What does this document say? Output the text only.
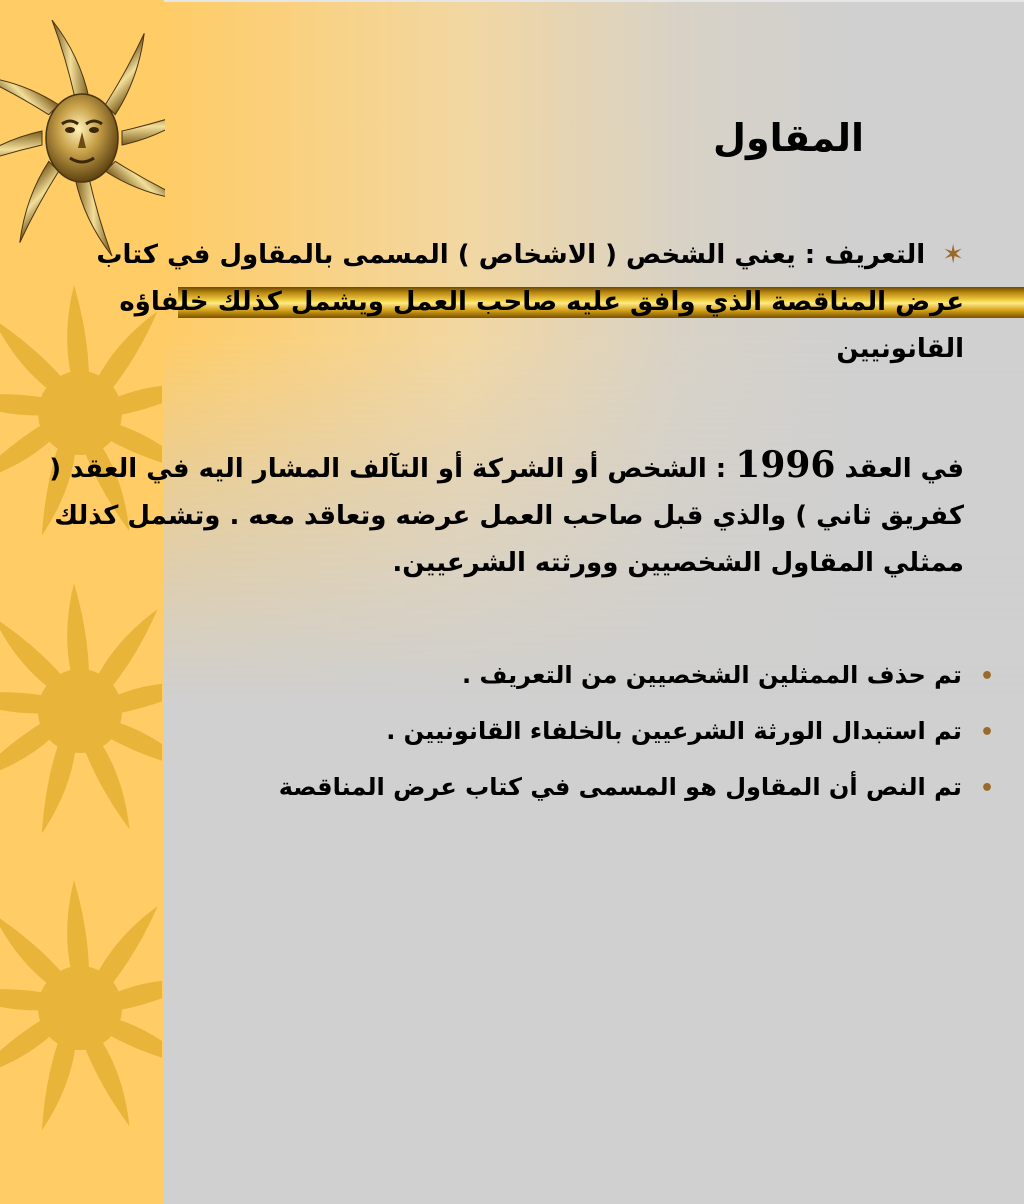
المقاول
✶ التعريف : يعني الشخص ( الاشخاص ) المسمى بالمقاول في كتاب عرض المناقصة الذي وافق عليه صاحب العمل ويشمل كذلك خلفاؤه القانونيين
في العقد 1996 : الشخص أو الشركة أو التآلف المشار اليه في العقد ( كفريق ثاني ) والذي قبل صاحب العمل عرضه وتعاقد معه . وتشمل كذلك ممثلي المقاول الشخصيين وورثته الشرعيين.
•تم حذف الممثلين الشخصيين من التعريف .
•تم استبدال الورثة الشرعيين بالخلفاء القانونيين .
•تم النص أن المقاول هو المسمى في كتاب عرض المناقصة
